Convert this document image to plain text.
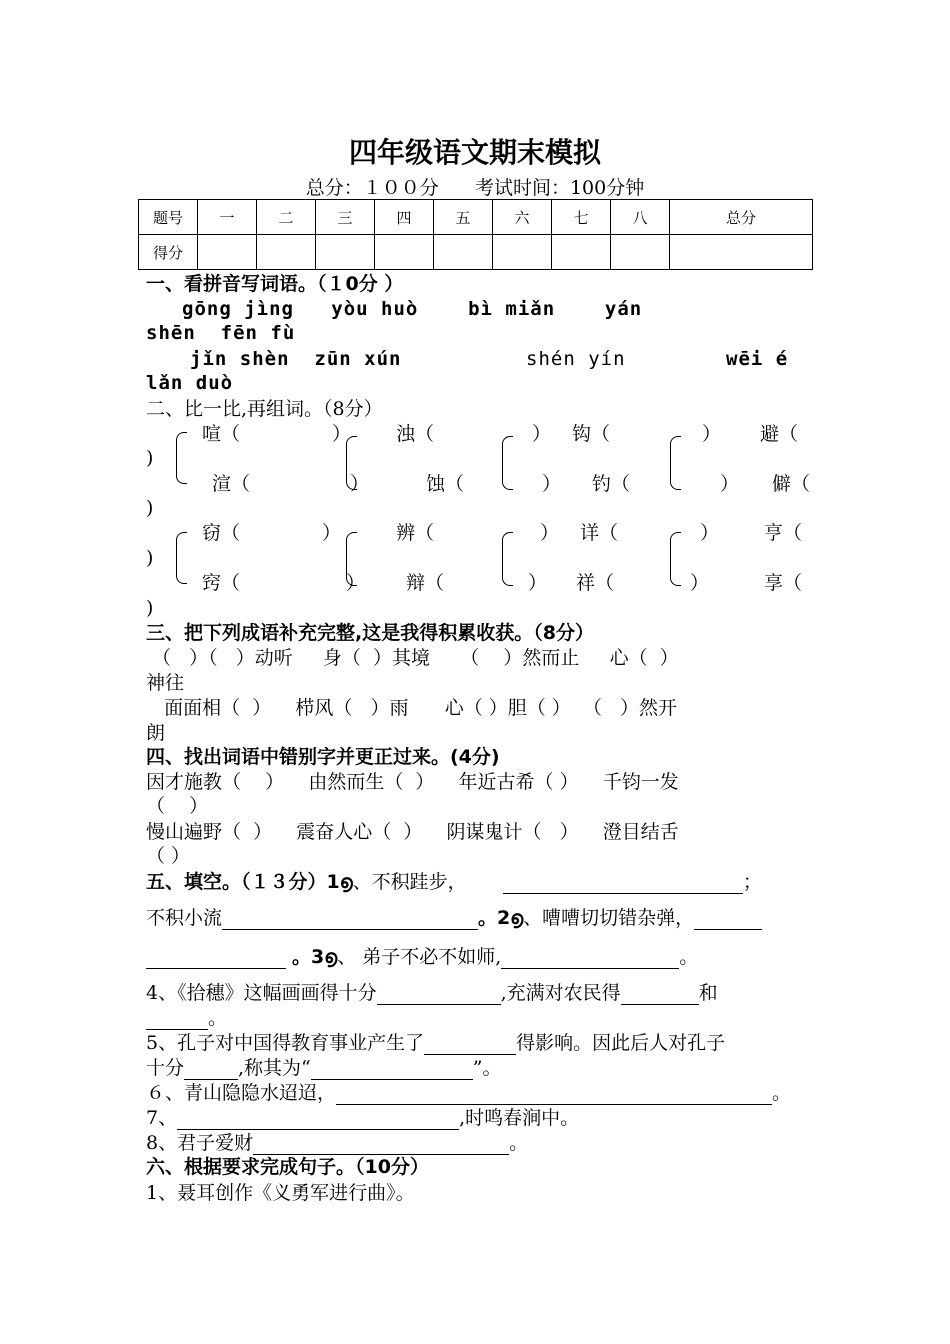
四年级语文期末模拟
总分：１００分      考试时间：100分钟
题号	一	二	三	四	五	六	七	八	总分
得分									
一、看拼音写词语。（１0分 ）
gōng jìng   yòu huò    bì miǎn    yán
shēn  fēn fù
jǐn shèn  zūn xún	shén yín	wēi é
lǎn duò
二、比一比,再组词。（8分）
喧（	） 浊（	） 钩（	） 避（
)
渲（	）	蚀（	） 钓（	） 僻（
)
窃（	）	辨（	） 详（	） 亨（
)
窍（	） 辩（	） 祥（	）	享（
)
三、把下列成语补充完整,这是我得积累收获。（8分）
（   ）（   ）动听     身（  ）其境     （    ）然而止     心（  ）
神往
面面相（  ）    栉风（   ）雨      心（ ）胆（ ）  （   ）然开
朗
四、找出词语中错别字并更正过来。(4分)
因才施教（    ）    由然而生（  ）    年近古希（ ）    千钧一发
（    ）
慢山遍野（  ）    震奋人心（  ）    阴谋鬼计（   ）    澄目结舌
（ ）
五、填空。（１３分）1൭、不积跬步，	；
不积小流	。2൭、嘈嘈切切错杂弹，
。3൭、 弟子不必不如师,	。
4、《拾穗》这幅画画得十分	,充满对农民得	和
。
5、孔子对中国得教育事业产生了	得影响。因此后人对孔子
十分	,称其为“	”。
６、青山隐隐水迢迢，	。
7、	,时鸣春涧中。
8、君子爱财	。
六、根据要求完成句子。（10分）
1、聂耳创作《义勇军进行曲》。
